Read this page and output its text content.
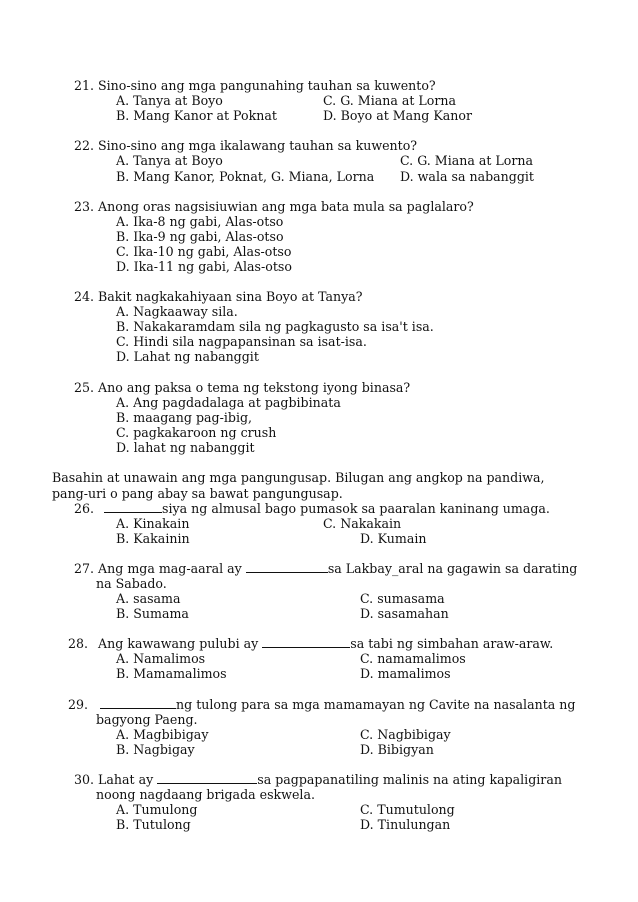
21. Sino-sino ang mga pangunahing tauhan sa kuwento?

A. Tanya at Boyo	C. G. Miana at Lorna

B. Mang Kanor at Poknat	D. Boyo at Mang Kanor

22. Sino-sino ang mga ikalawang tauhan sa kuwento?

A. Tanya at Boyo	C. G. Miana at Lorna

B. Mang Kanor, Poknat, G. Miana, Lorna D. wala sa nabanggit

23. Anong oras nagsisiuwian ang mga bata mula sa paglalaro?

A. Ika-8 ng gabi, Alas-otso

B. Ika-9 ng gabi, Alas-otso

C. Ika-10 ng gabi, Alas-otso

D. Ika-11 ng gabi, Alas-otso

24. Bakit nagkakahiyaan sina Boyo at Tanya?

A. Nagkaaway sila.

B. Nakakaramdam sila ng pagkagusto sa isa't isa.

C. Hindi sila nagpapansinan sa isat-isa.

D. Lahat ng nabanggit

25. Ano ang paksa o tema ng tekstong iyong binasa?

A. Ang pagdadalaga at pagbibinata

B. maagang pag-ibig,

C. pagkakaroon ng crush

D. lahat ng nabanggit

Basahin at unawain ang mga pangungusap. Bilugan ang angkop na pandiwa,

pang-uri o pang abay sa bawat pangungusap.

26.	siya ng almusal bago pumasok sa paaralan kaninang umaga.

A. Kinakain	C. Nakakain

B. Kakainin	D. Kumain

27. Ang mga mag-aaral ay	sa Lakbay_aral na gagawin sa darating

na Sabado.

A. sasama	C. sumasama

B. Sumama	D. sasamahan

28. Ang kawawang pulubi ay	sa tabi ng simbahan araw-araw.

A. Namalimos	C. namamalimos

B. Mamamalimos	D. mamalimos

29.	ng tulong para sa mga mamamayan ng Cavite na nasalanta ng

bagyong Paeng.

A. Magbibigay	C. Nagbibigay

B. Nagbigay	D. Bibigyan

30. Lahat ay	sa pagpapanatiling malinis na ating kapaligiran

noong nagdaang brigada eskwela.

A. Tumulong	C. Tumutulong

B. Tutulong	D. Tinulungan
